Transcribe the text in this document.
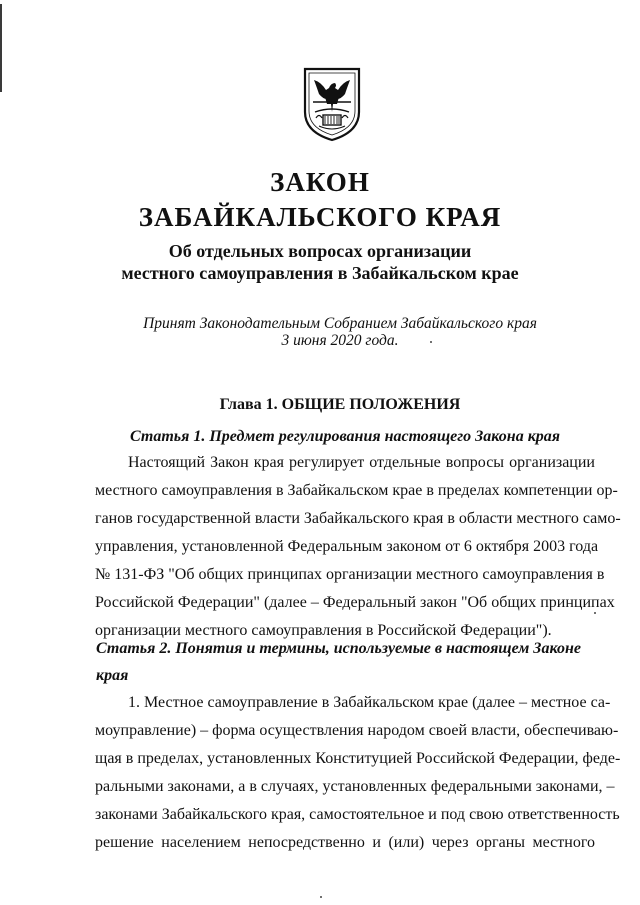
ЗАКОН
ЗАБАЙКАЛЬСКОГО КРАЯ
Об отдельных вопросах организации
местного самоуправления в Забайкальском крае
Принят Законодательным Собранием Забайкальского края
3 июня 2020 года.
Глава 1. ОБЩИЕ ПОЛОЖЕНИЯ
Статья 1. Предмет регулирования настоящего Закона края
Настоящий Закон края регулирует отдельные вопросы организации
местного самоуправления в Забайкальском крае в пределах компетенции ор-
ганов государственной власти Забайкальского края в области местного само-
управления, установленной Федеральным законом от 6 октября 2003 года
№ 131-ФЗ "Об общих принципах организации местного самоуправления в
Российской Федерации" (далее – Федеральный закон "Об общих принципах
организации местного самоуправления в Российской Федерации").
Статья 2. Понятия и термины, используемые в настоящем Законе
края
1. Местное самоуправление в Забайкальском крае (далее – местное са-
моуправление) – форма осуществления народом своей власти, обеспечиваю-
щая в пределах, установленных Конституцией Российской Федерации, феде-
ральными законами, а в случаях, установленных федеральными законами, –
законами Забайкальского края, самостоятельное и под свою ответственность
решение населением непосредственно и (или) через органы местного
